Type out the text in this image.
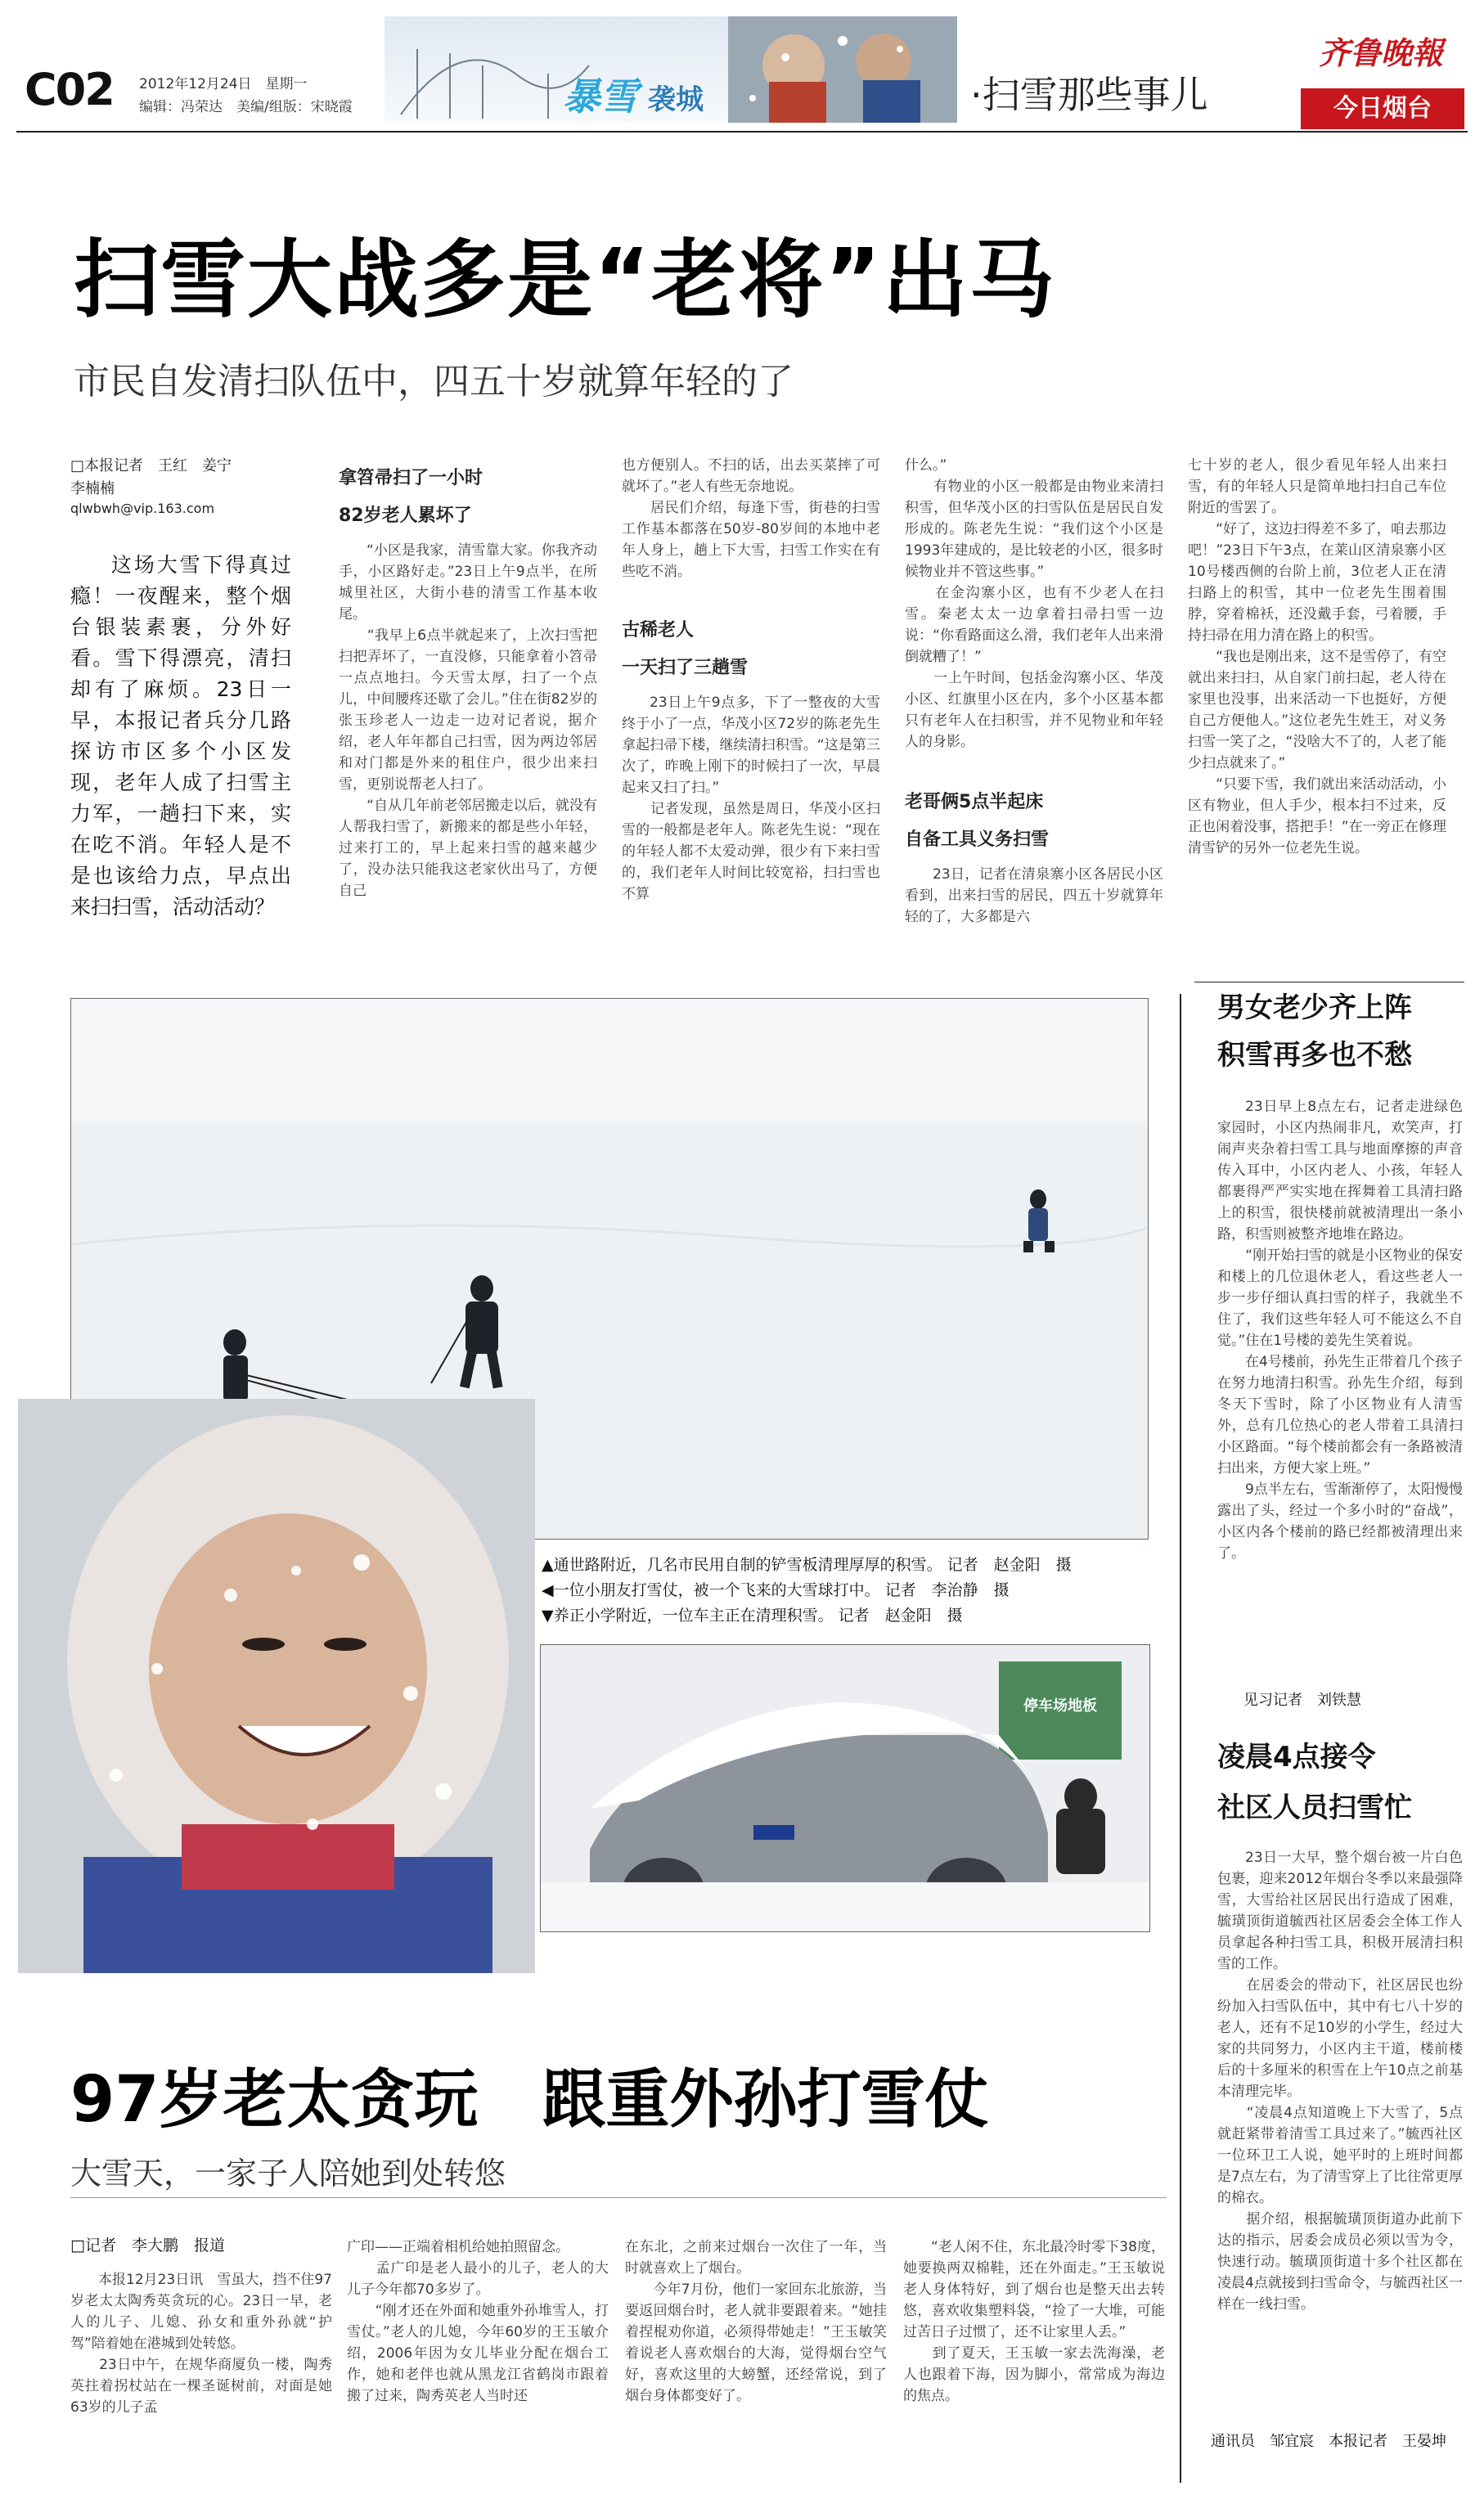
C02 2012年12月24日　星期一
编辑：冯荣达　美编/组版：宋晓霞	暴雪 袭城	·扫雪那些事儿
齐鲁晚報
今日烟台
扫雪大战多是“老将”出马
市民自发清扫队伍中，四五十岁就算年轻的了
□本报记者　王红　姜宁
李楠楠
qlwbwh@vip.163.com
这场大雪下得真过瘾！一夜醒来，整个烟台银装素裹，分外好看。雪下得漂亮，清扫却有了麻烦。23日一早，本报记者兵分几路探访市区多个小区发现，老年人成了扫雪主力军，一趟扫下来，实在吃不消。年轻人是不是也该给力点，早点出来扫扫雪，活动活动？
拿笤帚扫了一小时
82岁老人累坏了
“小区是我家，清雪靠大家。你我齐动手，小区路好走。”23日上午9点半，在所城里社区，大街小巷的清雪工作基本收尾。
　　“我早上6点半就起来了，上次扫雪把扫把弄坏了，一直没修，只能拿着小笤帚一点点地扫。今天雪太厚，扫了一个点儿，中间腰疼还歇了会儿。”住在街82岁的张玉珍老人一边走一边对记者说，据介绍，老人年年都自己扫雪，因为两边邻居和对门都是外来的租住户，很少出来扫雪，更别说帮老人扫了。
　　“自从几年前老邻居搬走以后，就没有人帮我扫雪了，新搬来的都是些小年轻，过来打工的，早上起来扫雪的越来越少了，没办法只能我这老家伙出马了，方便自己
也方便别人。不扫的话，出去买菜摔了可就坏了。”老人有些无奈地说。
　　居民们介绍，每逢下雪，街巷的扫雪工作基本都落在50岁-80岁间的本地中老年人身上，趟上下大雪，扫雪工作实在有些吃不消。
古稀老人
一天扫了三趟雪
23日上午9点多，下了一整夜的大雪终于小了一点，华茂小区72岁的陈老先生拿起扫帚下楼，继续清扫积雪。“这是第三次了，昨晚上刚下的时候扫了一次，早晨起来又扫了扫。”
　　记者发现，虽然是周日，华茂小区扫雪的一般都是老年人。陈老先生说：“现在的年轻人都不太爱动弹，很少有下来扫雪的，我们老年人时间比较宽裕，扫扫雪也不算
什么。”
　　有物业的小区一般都是由物业来清扫积雪，但华茂小区的扫雪队伍是居民自发形成的。陈老先生说：“我们这个小区是1993年建成的，是比较老的小区，很多时候物业并不管这些事。”
　　在金沟寨小区，也有不少老人在扫雪。秦老太太一边拿着扫帚扫雪一边说：“你看路面这么滑，我们老年人出来滑倒就糟了！”
　　一上午时间，包括金沟寨小区、华茂小区、红旗里小区在内，多个小区基本都只有老年人在扫积雪，并不见物业和年轻人的身影。
老哥俩5点半起床
自备工具义务扫雪
23日，记者在清泉寨小区各居民小区看到，出来扫雪的居民，四五十岁就算年轻的了，大多都是六
七十岁的老人，很少看见年轻人出来扫雪，有的年轻人只是简单地扫扫自己车位附近的雪罢了。
　　“好了，这边扫得差不多了，咱去那边吧！”23日下午3点，在莱山区清泉寨小区10号楼西侧的台阶上前，3位老人正在清扫路上的积雪，其中一位老先生围着围脖，穿着棉袄，还没戴手套，弓着腰，手持扫帚在用力清在路上的积雪。
　　“我也是刚出来，这不是雪停了，有空就出来扫扫，从自家门前扫起，老人待在家里也没事，出来活动一下也挺好，方便自己方便他人。”这位老先生姓王，对义务扫雪一笑了之，“没啥大不了的，人老了能少扫点就来了。”
　　“只要下雪，我们就出来活动活动，小区有物业，但人手少，根本扫不过来，反正也闲着没事，搭把手！”在一旁正在修理清雪铲的另外一位老先生说。
男女老少齐上阵
积雪再多也不愁
23日早上8点左右，记者走进绿色家园时，小区内热闹非凡，欢笑声，打闹声夹杂着扫雪工具与地面摩擦的声音传入耳中，小区内老人、小孩，年轻人都裹得严严实实地在挥舞着工具清扫路上的积雪，很快楼前就被清理出一条小路，积雪则被整齐地堆在路边。
　　“刚开始扫雪的就是小区物业的保安和楼上的几位退休老人，看这些老人一步一步仔细认真扫雪的样子，我就坐不住了，我们这些年轻人可不能这么不自觉。”住在1号楼的姜先生笑着说。
　　在4号楼前，孙先生正带着几个孩子在努力地清扫积雪。孙先生介绍，每到冬天下雪时，除了小区物业有人清雪外，总有几位热心的老人带着工具清扫小区路面。“每个楼前都会有一条路被清扫出来，方便大家上班。”
　　9点半左右，雪渐渐停了，太阳慢慢露出了头，经过一个多小时的“奋战”，小区内各个楼前的路已经都被清理出来了。
见习记者　刘铁慧
凌晨4点接令
社区人员扫雪忙
23日一大早，整个烟台被一片白色包裹，迎来2012年烟台冬季以来最强降雪，大雪给社区居民出行造成了困难，毓璜顶街道毓西社区居委会全体工作人员拿起各种扫雪工具，积极开展清扫积雪的工作。
　　在居委会的带动下，社区居民也纷纷加入扫雪队伍中，其中有七八十岁的老人，还有不足10岁的小学生，经过大家的共同努力，小区内主干道，楼前楼后的十多厘米的积雪在上午10点之前基本清理完毕。
　　“凌晨4点知道晚上下大雪了，5点就赶紧带着清雪工具过来了。”毓西社区一位环卫工人说，她平时的上班时间都是7点左右，为了清雪穿上了比往常更厚的棉衣。
　　据介绍，根据毓璜顶街道办此前下达的指示，居委会成员必须以雪为令，快速行动。毓璜顶街道十多个社区都在凌晨4点就接到扫雪命令，与毓西社区一样在一线扫雪。
通讯员　邹宜宸　本报记者　王晏坤
▲通世路附近，几名市民用自制的铲雪板清理厚厚的积雪。 记者　赵金阳　摄
◀一位小朋友打雪仗，被一个飞来的大雪球打中。 记者　李治静　摄
▼养正小学附近，一位车主正在清理积雪。 记者　赵金阳　摄
停车场地板
97岁老太贪玩　跟重外孙打雪仗
大雪天，一家子人陪她到处转悠
□记者　李大鹏　报道
本报12月23日讯　雪虽大，挡不住97岁老太太陶秀英贪玩的心。23日一早，老人的儿子、儿媳、孙女和重外孙就“护驾”陪着她在港城到处转悠。
　　23日中午，在规华商厦负一楼，陶秀英拄着拐杖站在一棵圣诞树前，对面是她63岁的儿子孟
广印——正端着相机给她拍照留念。
　　孟广印是老人最小的儿子，老人的大儿子今年都70多岁了。
　　“刚才还在外面和她重外孙堆雪人，打雪仗。”老人的儿媳，今年60岁的王玉敏介绍，2006年因为女儿毕业分配在烟台工作，她和老伴也就从黑龙江省鹤岗市跟着搬了过来，陶秀英老人当时还
在东北，之前来过烟台一次住了一年，当时就喜欢上了烟台。
　　今年7月份，他们一家回东北旅游，当要返回烟台时，老人就非要跟着来。“她挂着捏棍劝你道，必须得带她走！”王玉敏笑着说老人喜欢烟台的大海，觉得烟台空气好，喜欢这里的大螃蟹，还经常说，到了烟台身体都变好了。
“老人闲不住，东北最冷时零下38度，她要换两双棉鞋，还在外面走。”王玉敏说老人身体特好，到了烟台也是整天出去转悠，喜欢收集塑料袋，“捡了一大堆，可能过苦日子过惯了，还不让家里人丢。”
　　到了夏天，王玉敏一家去洗海澡，老人也跟着下海，因为脚小，常常成为海边的焦点。
